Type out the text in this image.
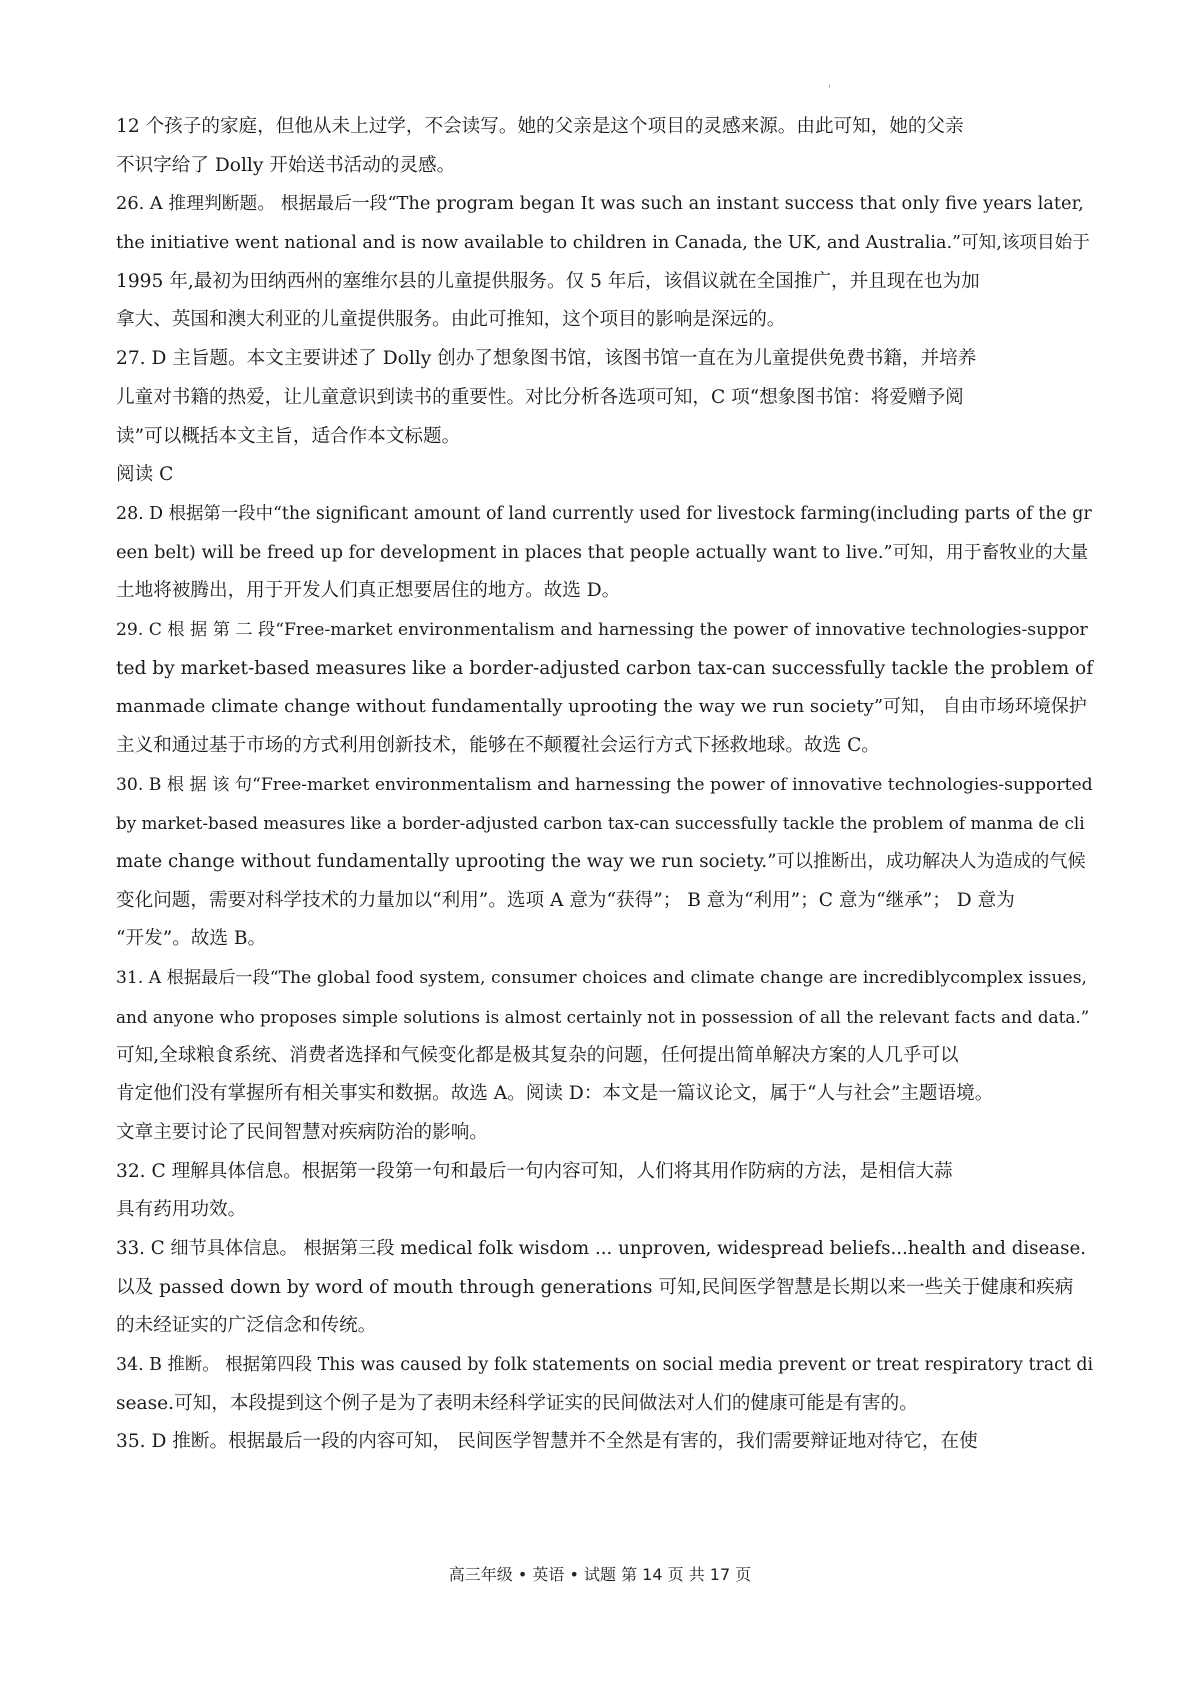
'
12 个孩子的家庭，但他从未上过学，不会读写。她的父亲是这个项目的灵感来源。由此可知，她的父亲
不识字给了 Dolly 开始送书活动的灵感。
26. A 推理判断题。 根据最后一段“The program began It was such an instant success that only five years later,
the initiative went national and is now available to children in Canada, the UK, and Australia.”可知,该项目始于
1995 年,最初为田纳西州的塞维尔县的儿童提供服务。仅 5 年后，该倡议就在全国推广，并且现在也为加
拿大、英国和澳大利亚的儿童提供服务。由此可推知，这个项目的影响是深远的。
27. D 主旨题。本文主要讲述了 Dolly 创办了想象图书馆，该图书馆一直在为儿童提供免费书籍，并培养
儿童对书籍的热爱，让儿童意识到读书的重要性。对比分析各选项可知，C 项“想象图书馆：将爱赠予阅
读”可以概括本文主旨，适合作本文标题。
阅读 C
28. D 根据第一段中“the significant amount of land currently used for livestock farming(including parts of the gr
een belt) will be freed up for development in places that people actually want to live.”可知，用于畜牧业的大量
土地将被腾出，用于开发人们真正想要居住的地方。故选 D。
29. C 根 据 第 二 段“Free-market environmentalism and harnessing the power of innovative technologies-suppor
ted by market-based measures like a border-adjusted carbon tax-can successfully tackle the problem of
manmade climate change without fundamentally uprooting the way we run society”可知， 自由市场环境保护
主义和通过基于市场的方式利用创新技术，能够在不颠覆社会运行方式下拯救地球。故选 C。
30. B 根 据 该 句“Free-market environmentalism and harnessing the power of innovative technologies-supported
by market-based measures like a border-adjusted carbon tax-can successfully tackle the problem of manma de cli
mate change without fundamentally uprooting the way we run society.”可以推断出，成功解决人为造成的气候
变化问题，需要对科学技术的力量加以“利用”。选项 A 意为“获得”； B 意为“利用”；C 意为“继承”； D 意为
“开发”。故选 B。
31. A 根据最后一段“The global food system, consumer choices and climate change are incrediblycomplex issues,
and anyone who proposes simple solutions is almost certainly not in possession of all the relevant facts and data.”
可知,全球粮食系统、消费者选择和气候变化都是极其复杂的问题，任何提出简单解决方案的人几乎可以
肯定他们没有掌握所有相关事实和数据。故选 A。阅读 D：本文是一篇议论文，属于“人与社会”主题语境。
文章主要讨论了民间智慧对疾病防治的影响。
32. C 理解具体信息。根据第一段第一句和最后一句内容可知，人们将其用作防病的方法，是相信大蒜
具有药用功效。
33. C 细节具体信息。 根据第三段 medical folk wisdom ... unproven, widespread beliefs...health and disease.
以及 passed down by word of mouth through generations 可知,民间医学智慧是长期以来一些关于健康和疾病
的未经证实的广泛信念和传统。
34. B 推断。 根据第四段 This was caused by folk statements on social media prevent or treat respiratory tract di
sease.可知，本段提到这个例子是为了表明未经科学证实的民间做法对人们的健康可能是有害的。
35. D 推断。根据最后一段的内容可知， 民间医学智慧并不全然是有害的，我们需要辩证地对待它，在使
高三年级 • 英语 • 试题 第 14 页 共 17 页
